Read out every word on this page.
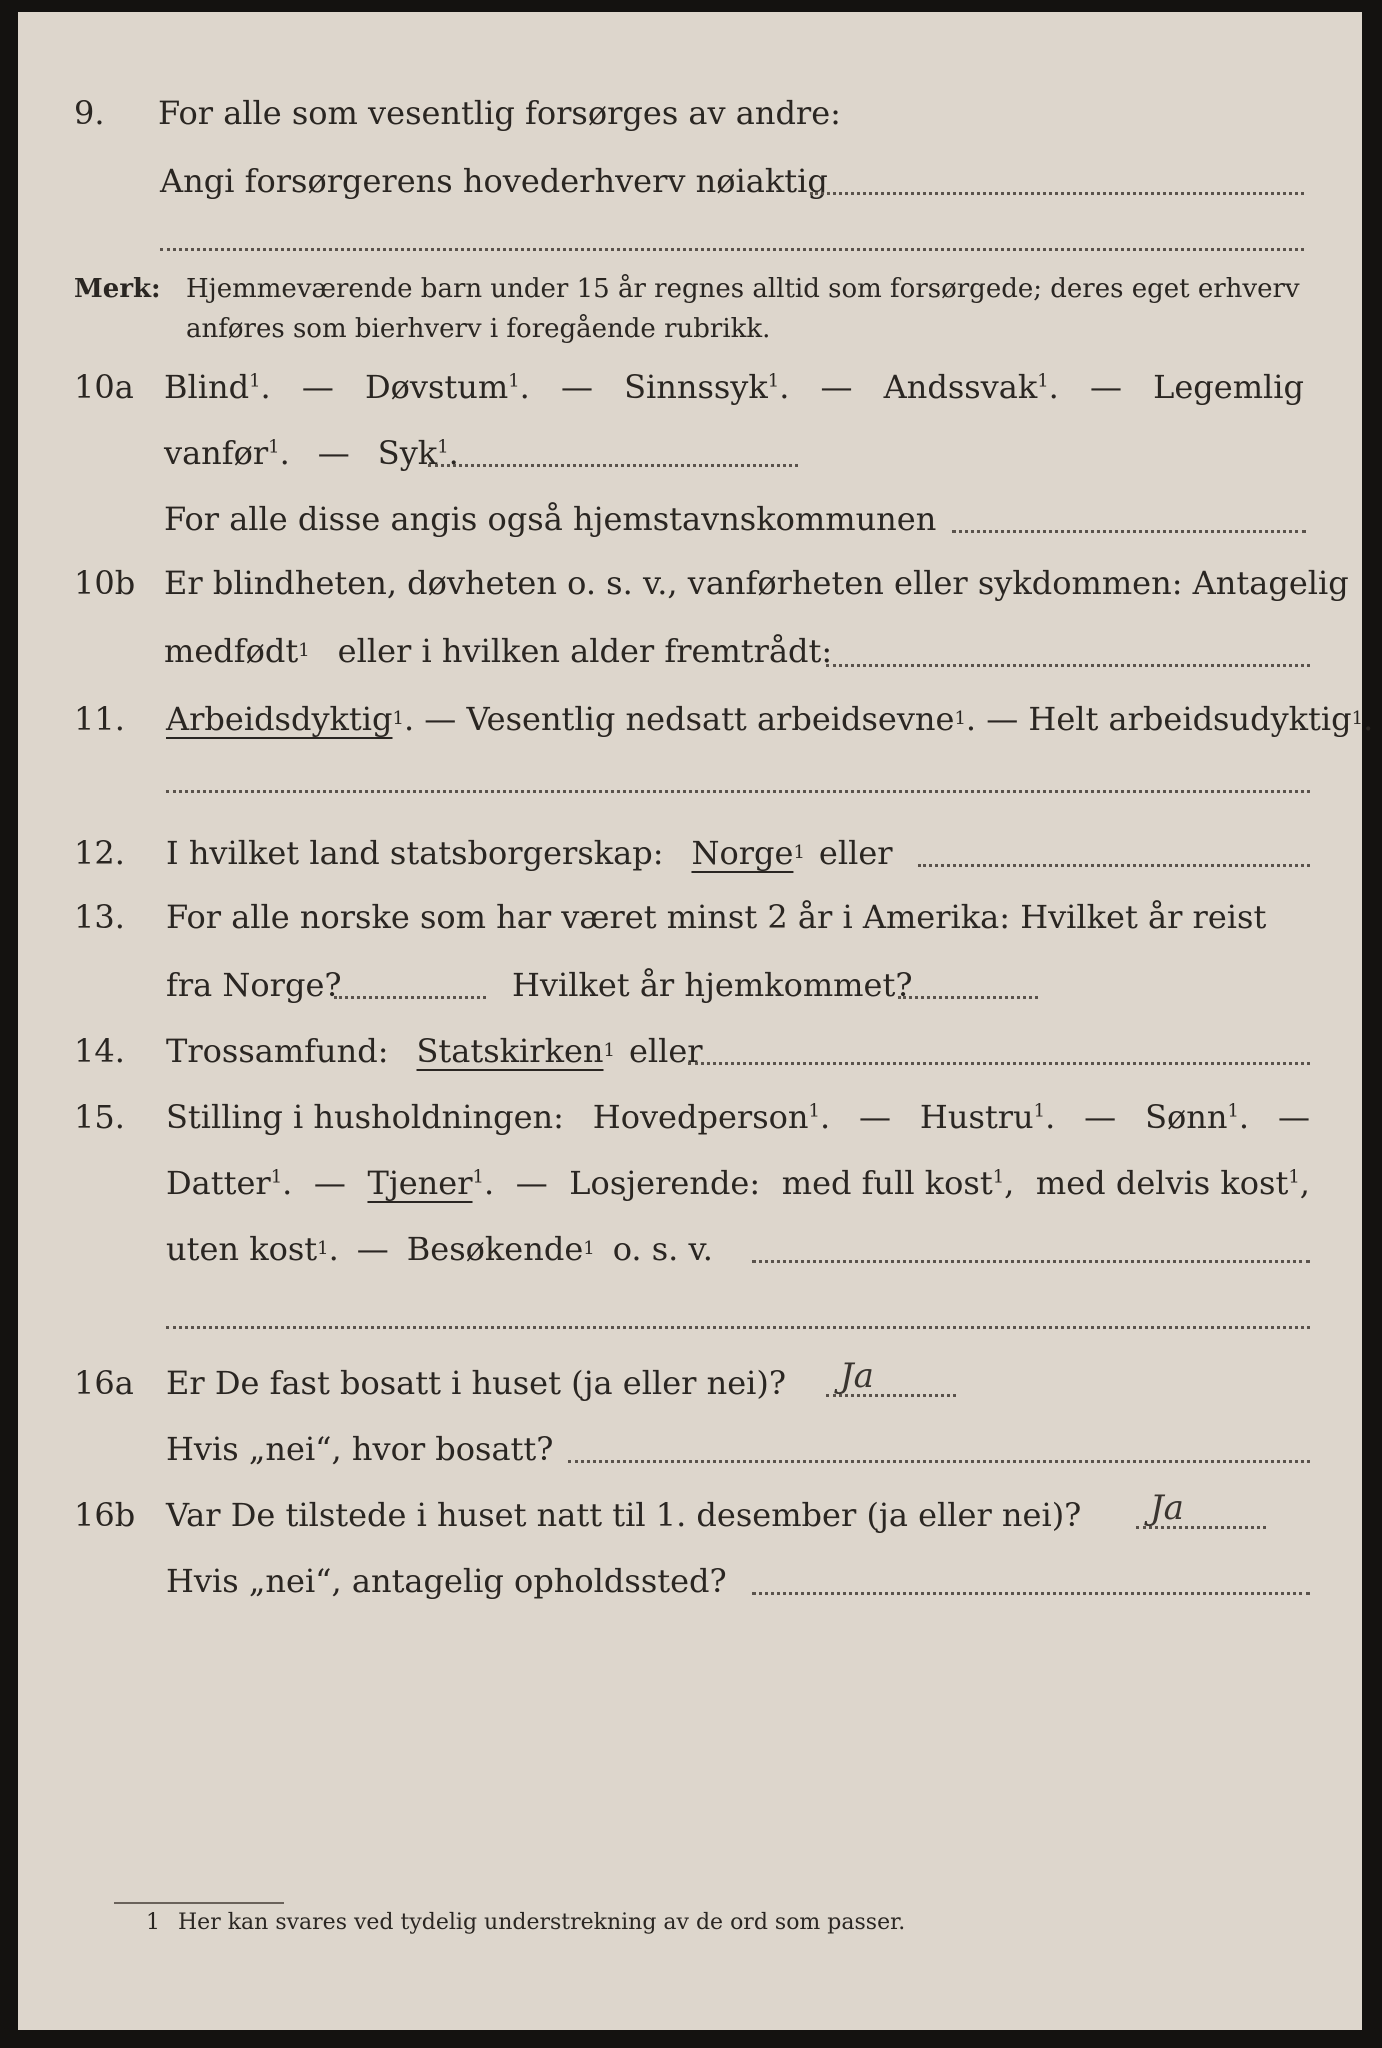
9.	For alle som vesentlig forsørges av andre:
Angi forsørgerens hovederhverv nøiaktig
Merk: Hjemmeværende barn under 15 år regnes alltid som forsørgede; deres eget erhverv
anføres som bierhverv i foregående rubrikk.
10a Blind$^1$. — Døvstum$^1$. — Sinnssyk$^1$. — Andssvak$^1$. — Legemlig
vanfør$^1$. — Syk$^1$.
For alle disse angis også hjemstavnskommunen
10b Er blindheten, døvheten o. s. v., vanførheten eller sykdommen: Antagelig
medfødt 1 eller i hvilken alder fremtrådt:
11.	Arbeidsdyktig 1 . — Vesentlig nedsatt arbeidsevne 1 . — Helt arbeidsudyktig 1 .
12.	I hvilket land statsborgerskap: Norge 1 eller
13.	For alle norske som har været minst 2 år i Amerika: Hvilket år reist
fra Norge?	Hvilket år hjemkommet?
14.	Trossamfund: Statskirken 1 eller
15.	Stilling i husholdningen: Hovedperson$^1$. — Hustru$^1$. — Sønn$^1$. —
Datter$^1$. — Tjener$^1$. — Losjerende: med full kost$^1$, med delvis kost$^1$,
uten kost 1 . — Besøkende 1 o. s. v.
16a	Er De fast bosatt i huset (ja eller nei)? Ja
Hvis „nei“, hvor bosatt?
16b Var De tilstede i huset natt til 1. desember (ja eller nei)? Ja
Hvis „nei“, antagelig opholdssted?
1 Her kan svares ved tydelig understrekning av de ord som passer.
